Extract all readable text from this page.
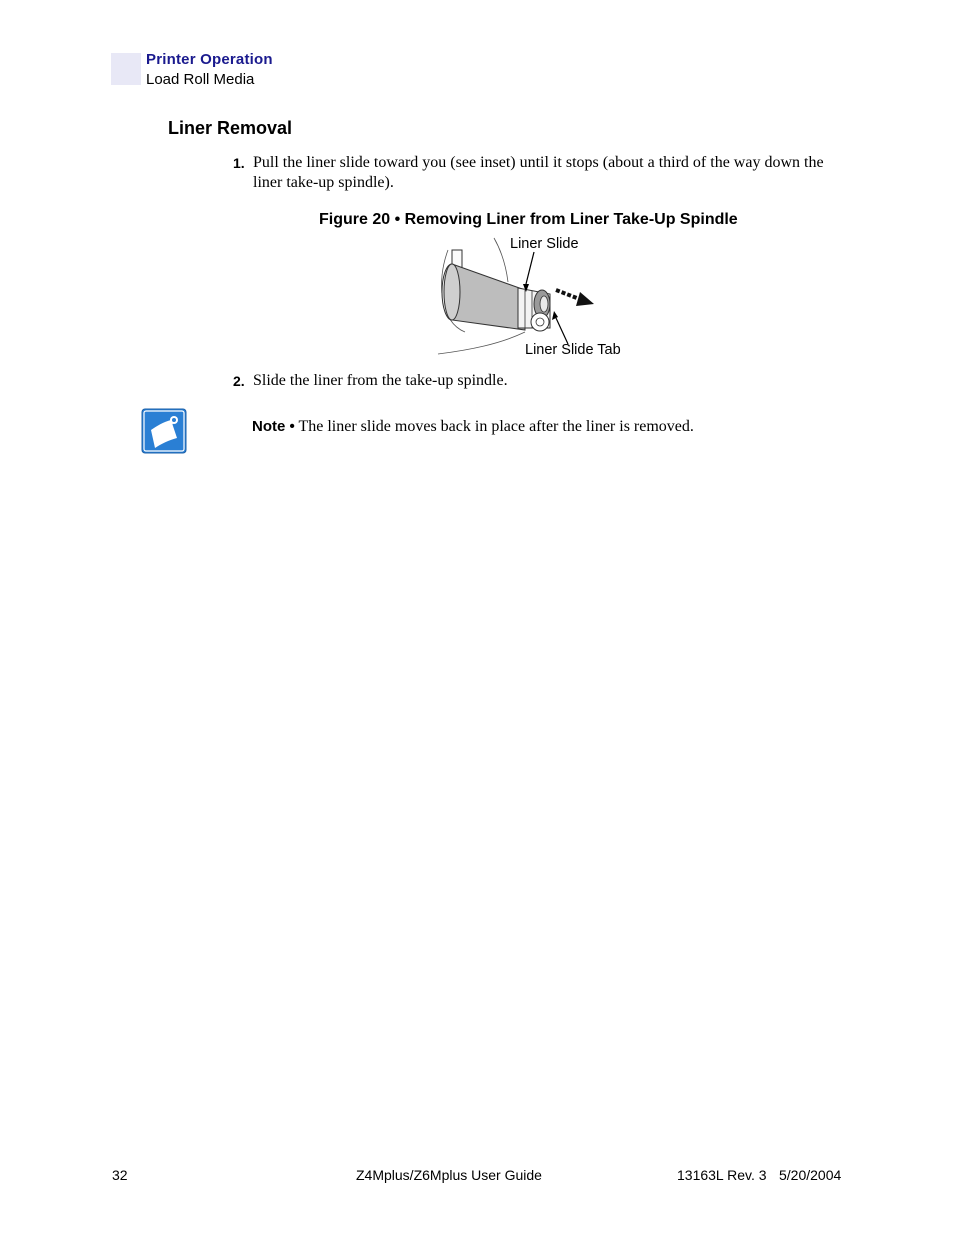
Printer Operation
Load Roll Media
Liner Removal
1. Pull the liner slide toward you (see inset) until it stops (about a third of the way down the
liner take-up spindle).
Figure 20 • Removing Liner from Liner Take-Up Spindle
Liner Slide
Liner Slide Tab
2. Slide the liner from the take-up spindle.
Note • The liner slide moves back in place after the liner is removed.
32	Z4Mplus/Z6Mplus User Guide	13163L Rev. 3 5/20/2004
